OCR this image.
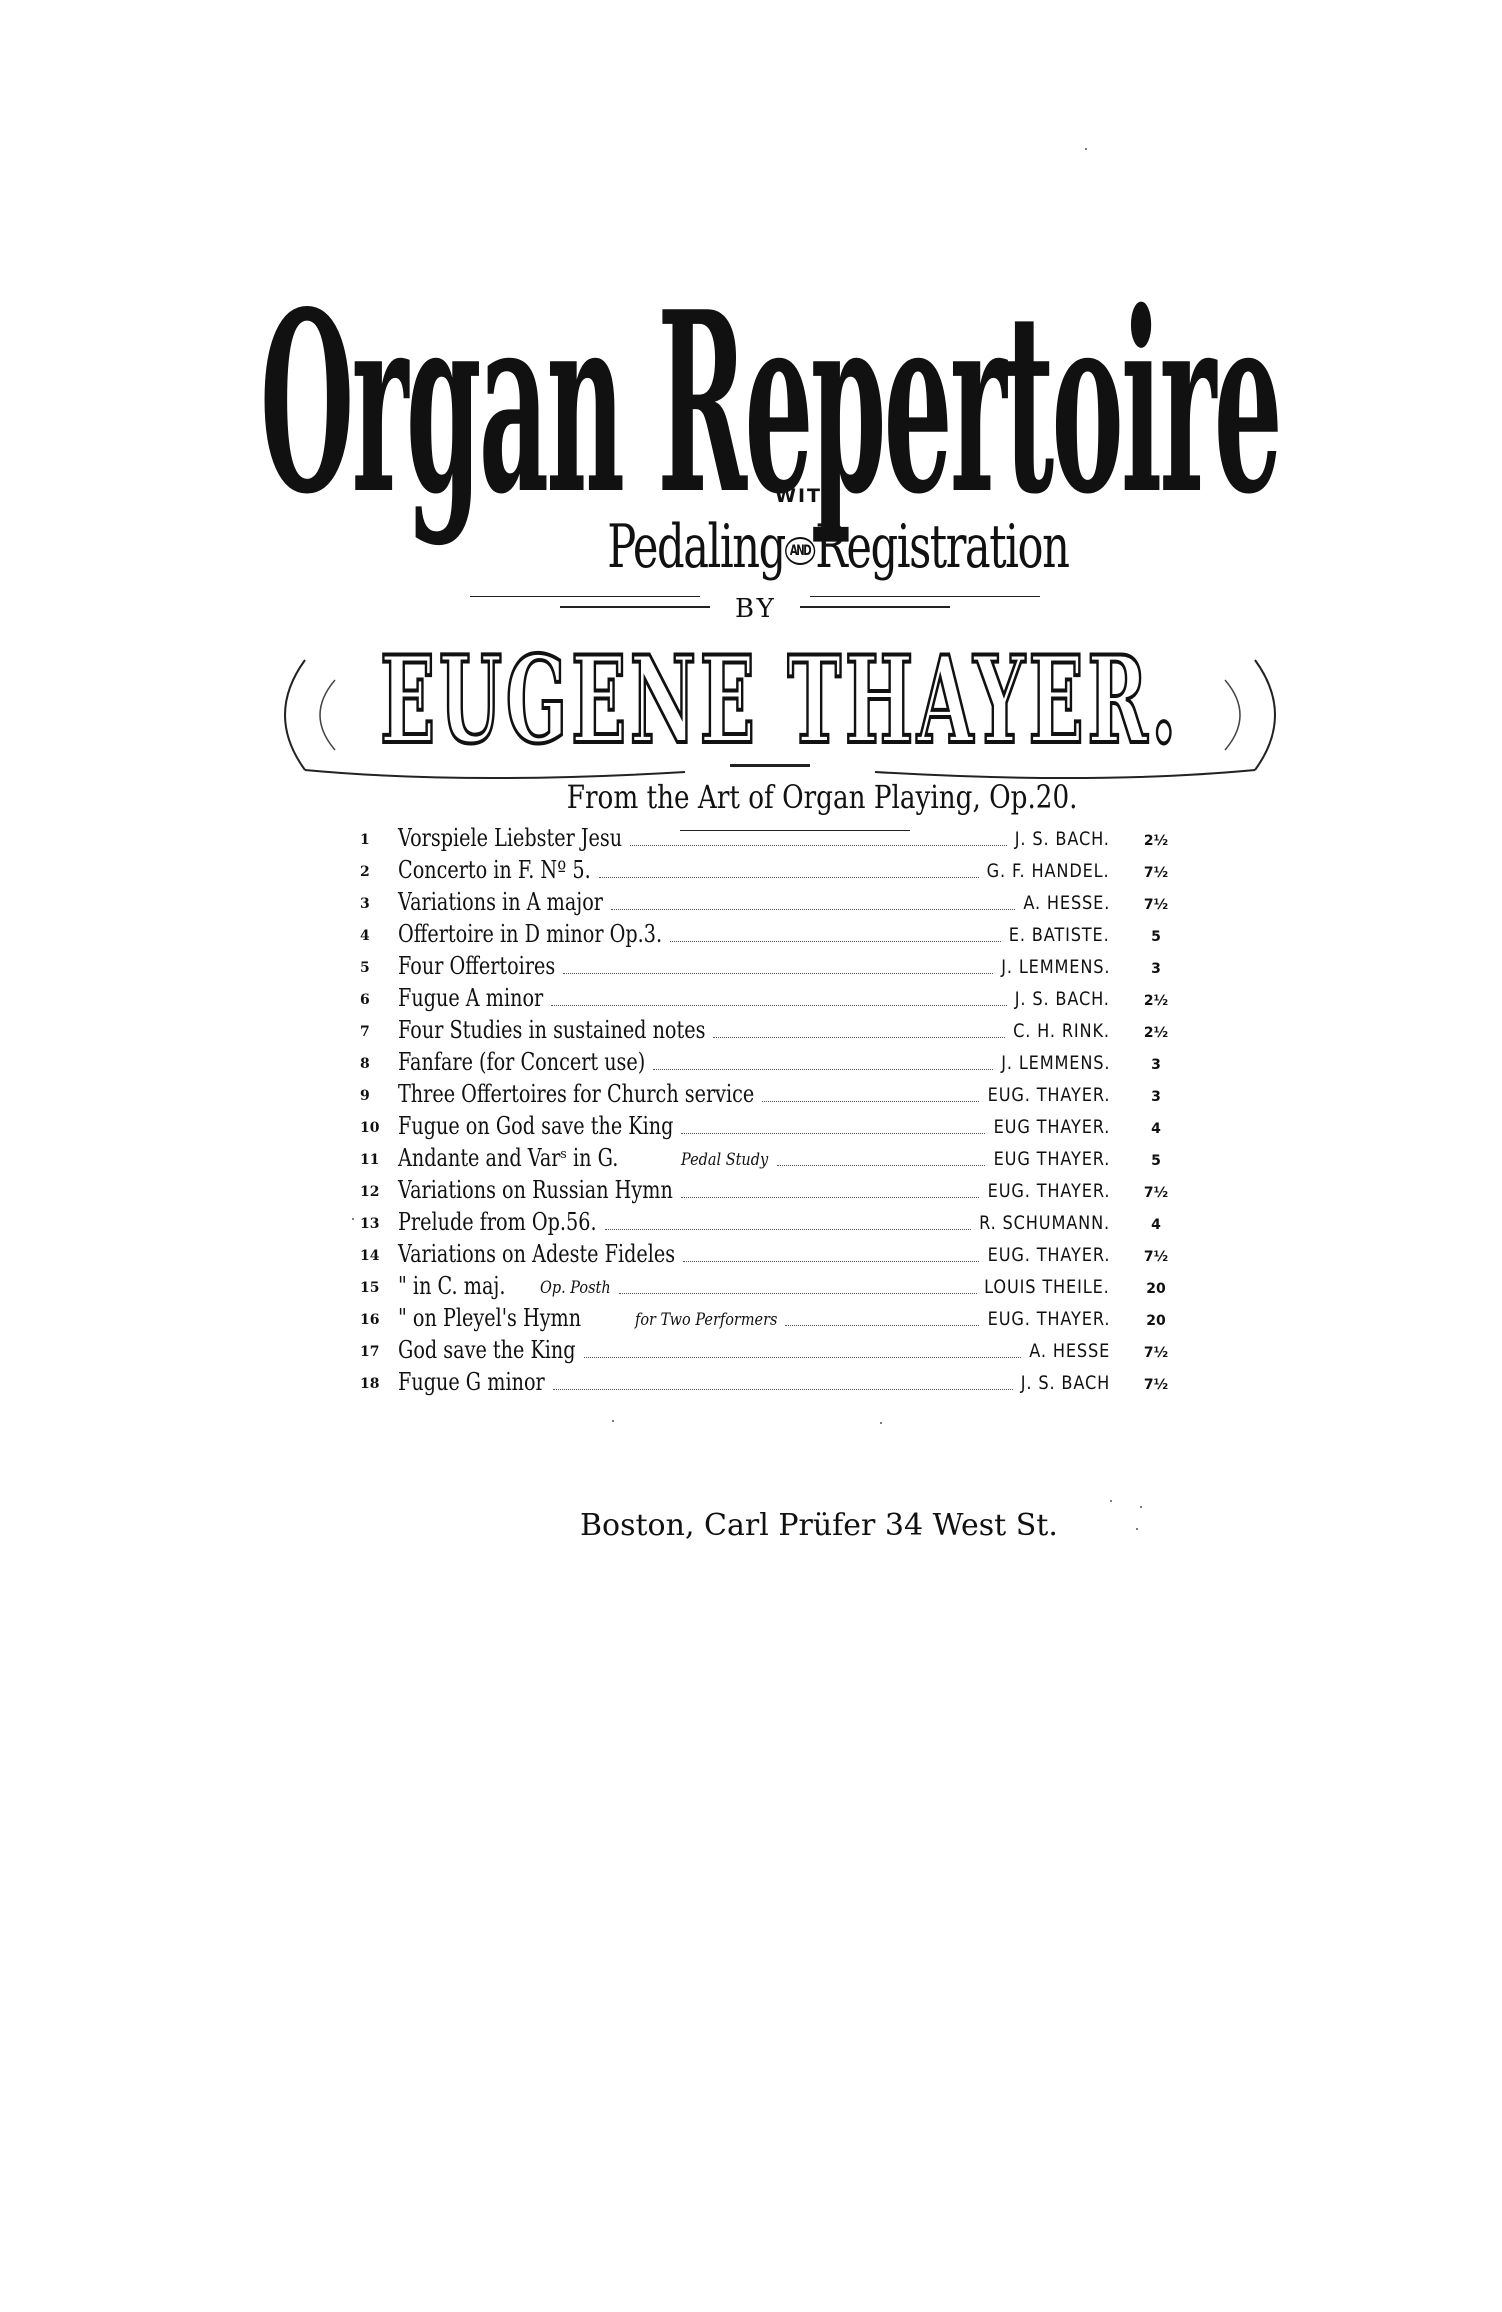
Organ Repertoire
WITH
Pedaling ANDRegistration
BY
EUGENE THAYER.
From the Art of Organ Playing, Op.20.
1	Vorspiele Liebster Jesu	J. S. BACH.	2½
2	Concerto in F. Nº 5.	G. F. HANDEL.	7½
3	Variations in A major	A. HESSE.	7½
4	Offertoire in D minor Op.3.	E. BATISTE.	5
5	Four Offertoires	J. LEMMENS.	3
6	Fugue A minor	J. S. BACH.	2½
7	Four Studies in sustained notes	C. H. RINK.	2½
8	Fanfare (for Concert use)	J. LEMMENS.	3
9	Three Offertoires for Church service	EUG. THAYER.	3
10 Fugue on God save the King	EUG THAYER.	4
11 Andante and Varˢ in G.	Pedal Study	EUG THAYER.	5
12 Variations on Russian Hymn	EUG. THAYER.	7½
13 Prelude from Op.56.	R. SCHUMANN.	4
14 Variations on Adeste Fideles	EUG. THAYER.	7½
15 " in C. maj. Op. Posth	LOUIS THEILE.	20
16 " on Pleyel's Hymn	for Two Performers	EUG. THAYER.	20
17 God save the King	A. HESSE	7½
18 Fugue G minor	J. S. BACH	7½
Boston, Carl Prüfer 34 West St.
